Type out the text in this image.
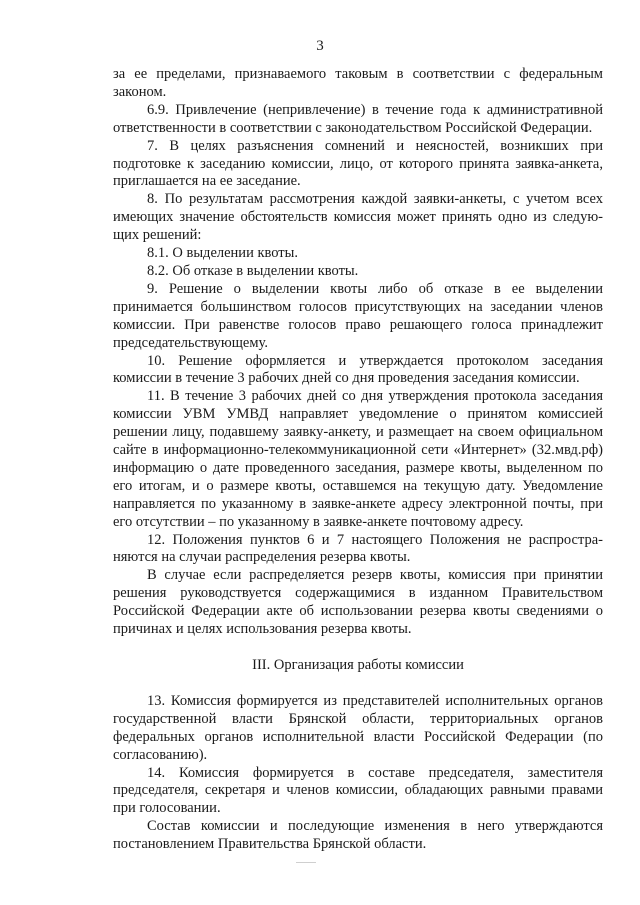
3

за ее пределами, признаваемого таковым в соответствии с федеральным законом.

6.9. Привлечение (непривлечение) в течение года к административной ответственности в соответствии с законодательством Российской Федерации.

7. В целях разъяснения сомнений и неясностей, возникших при подготовке к заседанию комиссии, лицо, от которого принята заявка-анкета, приглашается на ее заседание.

8. По результатам рассмотрения каждой заявки-анкеты, с учетом всех имеющих значение обстоятельств комиссия может принять одно из следующих решений:

8.1. О выделении квоты.

8.2. Об отказе в выделении квоты.

9. Решение о выделении квоты либо об отказе в ее выделении принимается большинством голосов присутствующих на заседании членов комиссии. При равенстве голосов право решающего голоса принадлежит председательствующему.

10. Решение оформляется и утверждается протоколом заседания комиссии в течение 3 рабочих дней со дня проведения заседания комиссии.

11. В течение 3 рабочих дней со дня утверждения протокола заседания комиссии УВМ УМВД направляет уведомление о принятом комиссией решении лицу, подавшему заявку-анкету, и размещает на своем официальном сайте в информационно-телекоммуникационной сети «Интернет» (32.мвд.рф) информацию о дате проведенного заседания, размере квоты, выделенном по его итогам, и о размере квоты, оставшемся на текущую дату. Уведомление направляется по указанному в заявке-анкете адресу электронной почты, при его отсутствии – по указанному в заявке-анкете почтовому адресу.

12. Положения пунктов 6 и 7 настоящего Положения не распространяются на случаи распределения резерва квоты.

В случае если распределяется резерв квоты, комиссия при принятии решения руководствуется содержащимися в изданном Правительством Российской Федерации акте об использовании резерва квоты сведениями о причинах и целях использования резерва квоты.

III. Организация работы комиссии

13. Комиссия формируется из представителей исполнительных органов государственной власти Брянской области, территориальных органов федеральных органов исполнительной власти Российской Федерации (по согласованию).

14. Комиссия формируется в составе председателя, заместителя председателя, секретаря и членов комиссии, обладающих равными правами при голосовании.

Состав комиссии и последующие изменения в него утверждаются постановлением Правительства Брянской области.
